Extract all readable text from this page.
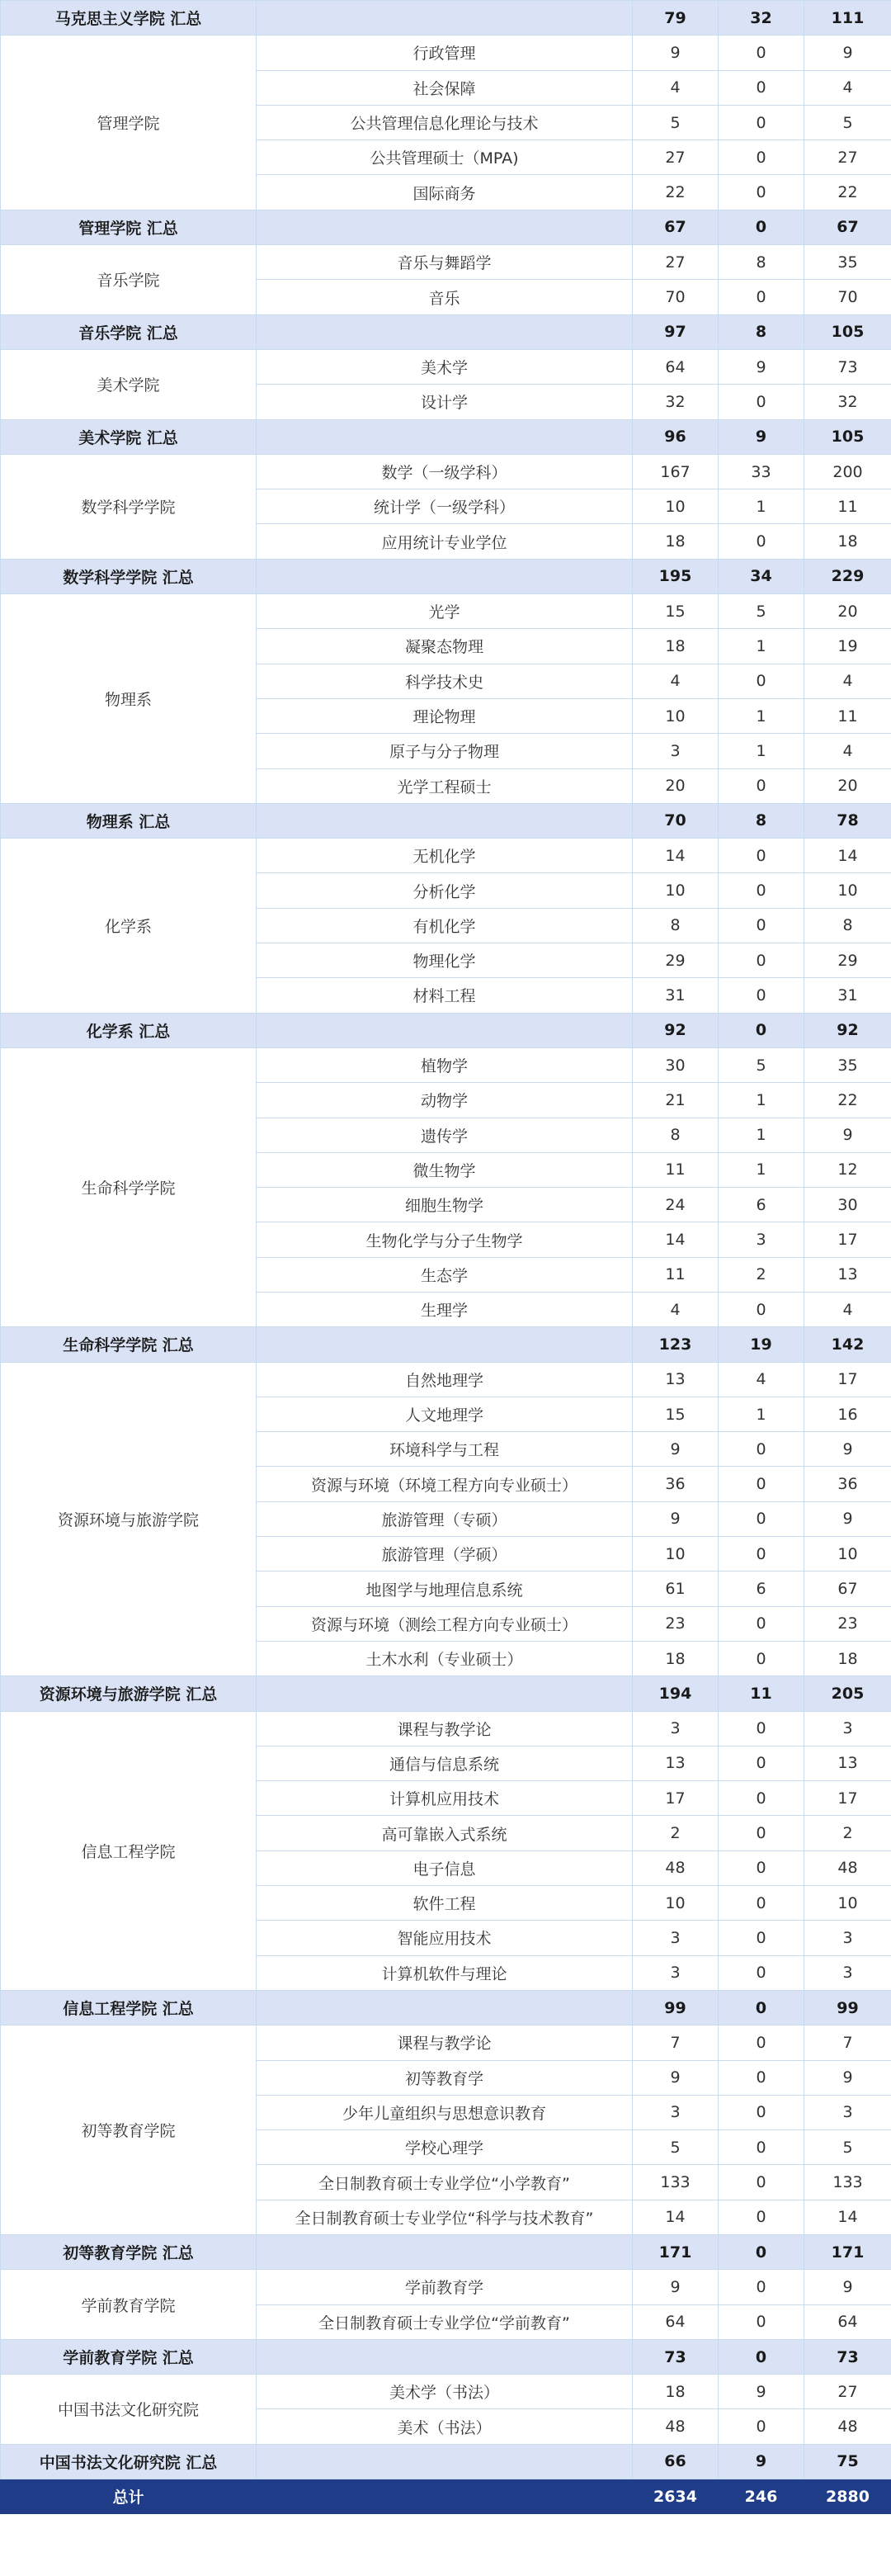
马克思主义学院 汇总		79	32	111
管理学院	行政管理	9	0	9
	社会保障	4	0	4
	公共管理信息化理论与技术	5	0	5
	公共管理硕士（MPA)	27	0	27
	国际商务	22	0	22
管理学院 汇总		67	0	67
音乐学院	音乐与舞蹈学	27	8	35
	音乐	70	0	70
音乐学院 汇总		97	8	105
美术学院	美术学	64	9	73
	设计学	32	0	32
美术学院 汇总		96	9	105
数学科学学院	数学（一级学科）	167	33	200
	统计学（一级学科）	10	1	11
	应用统计专业学位	18	0	18
数学科学学院 汇总		195	34	229
物理系	光学	15	5	20
	凝聚态物理	18	1	19
	科学技术史	4	0	4
	理论物理	10	1	11
	原子与分子物理	3	1	4
	光学工程硕士	20	0	20
物理系 汇总		70	8	78
化学系	无机化学	14	0	14
	分析化学	10	0	10
	有机化学	8	0	8
	物理化学	29	0	29
	材料工程	31	0	31
化学系 汇总		92	0	92
生命科学学院	植物学	30	5	35
	动物学	21	1	22
	遗传学	8	1	9
	微生物学	11	1	12
	细胞生物学	24	6	30
	生物化学与分子生物学	14	3	17
	生态学	11	2	13
	生理学	4	0	4
生命科学学院 汇总		123	19	142
资源环境与旅游学院	自然地理学	13	4	17
	人文地理学	15	1	16
	环境科学与工程	9	0	9
	资源与环境（环境工程方向专业硕士）	36	0	36
	旅游管理（专硕）	9	0	9
	旅游管理（学硕）	10	0	10
	地图学与地理信息系统	61	6	67
	资源与环境（测绘工程方向专业硕士）	23	0	23
	土木水利（专业硕士）	18	0	18
资源环境与旅游学院 汇总		194	11	205
信息工程学院	课程与教学论	3	0	3
	通信与信息系统	13	0	13
	计算机应用技术	17	0	17
	高可靠嵌入式系统	2	0	2
	电子信息	48	0	48
	软件工程	10	0	10
	智能应用技术	3	0	3
	计算机软件与理论	3	0	3
信息工程学院 汇总		99	0	99
初等教育学院	课程与教学论	7	0	7
	初等教育学	9	0	9
	少年儿童组织与思想意识教育	3	0	3
	学校心理学	5	0	5
	全日制教育硕士专业学位“小学教育”	133	0	133
	全日制教育硕士专业学位“科学与技术教育”	14	0	14
初等教育学院 汇总		171	0	171
学前教育学院	学前教育学	9	0	9
	全日制教育硕士专业学位“学前教育”	64	0	64
学前教育学院 汇总		73	0	73
中国书法文化研究院	美术学（书法）	18	9	27
	美术（书法）	48	0	48
中国书法文化研究院 汇总		66	9	75
总计		2634	246	2880
